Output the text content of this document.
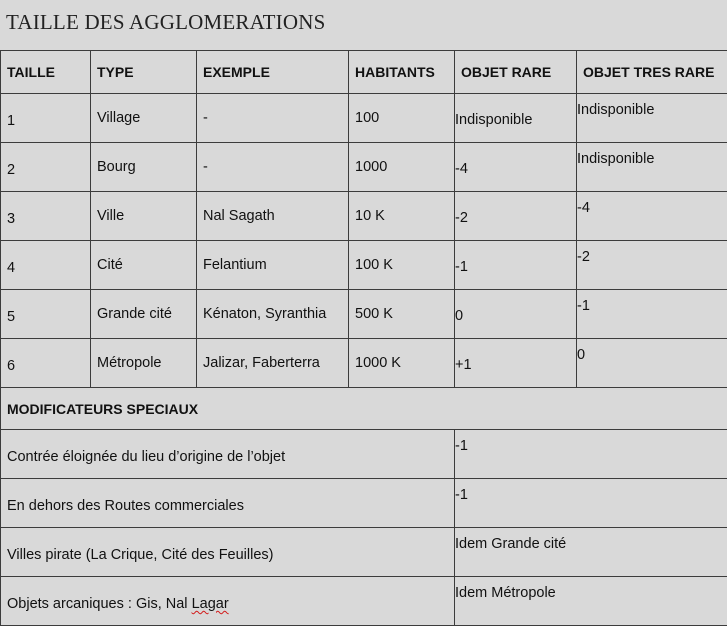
TAILLE DES AGGLOMERATIONS
TAILLE	TYPE	EXEMPLE	HABITANTS	OBJET RARE	OBJET TRES RARE
1	Village	-	100	Indisponible	Indisponible
2	Bourg	-	1000	-4	Indisponible
3	Ville	Nal Sagath	10 K	-2	-4
4	Cité	Felantium	100 K	-1	-2
5	Grande cité	Kénaton, Syranthia	500 K	0	-1
6	Métropole	Jalizar, Faberterra	1000 K	+1	0
MODIFICATEURS SPECIAUX					
Contrée éloignée du lieu d’origine de l’objet				-1	
En dehors des Routes commerciales				-1	
Villes pirate (La Crique, Cité des Feuilles)				Idem Grande cité	
Objets arcaniques : Gis, Nal Lagar				Idem Métropole	
